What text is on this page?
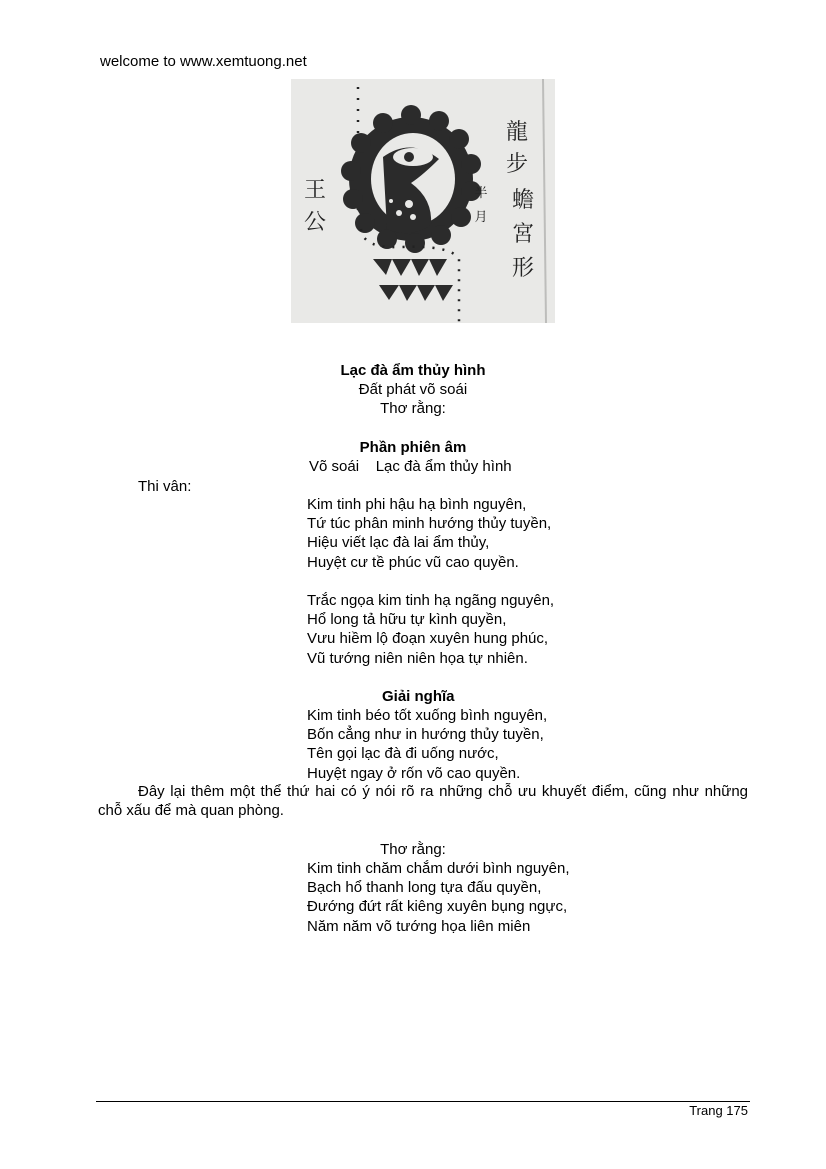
welcome to www.xemtuong.net
龍
步
蟾
宮
形
王
公
半
月
Lạc đà ẩm thủy hình
Đất phát võ soái
Thơ rằng:
Phần phiên âm
Võ soái    Lạc đà ẩm thủy hình
Thi vân:
Kim tinh phi hậu hạ bình nguyên,
Tứ túc phân minh hướng thủy tuyền,
Hiệu viết lạc đà lai ẩm thủy,
Huyệt cư tề phúc vũ cao quyền.
Trắc ngọa kim tinh hạ ngãng nguyên,
Hổ long tả hữu tự kình quyền,
Vưu hiềm lộ đoạn xuyên hung phúc,
Vũ tướng niên niên họa tự nhiên.
Giải nghĩa
Kim tinh béo tốt xuống bình nguyên,
Bốn cẳng như in hướng thủy tuyền,
Tên gọi lạc đà đi uống nước,
Huyệt ngay ở rốn võ cao quyền.
Đây lại thêm một thể thứ hai có ý nói rõ ra những chỗ ưu khuyết điểm, cũng như những chỗ xấu để mà quan phòng.
Thơ rằng:
Kim tinh chăm chắm dưới bình nguyên,
Bạch hổ thanh long tựa đấu quyền,
Đướng đứt rất kiêng xuyên bụng ngực,
Năm năm võ tướng họa liên miên
Trang 175
